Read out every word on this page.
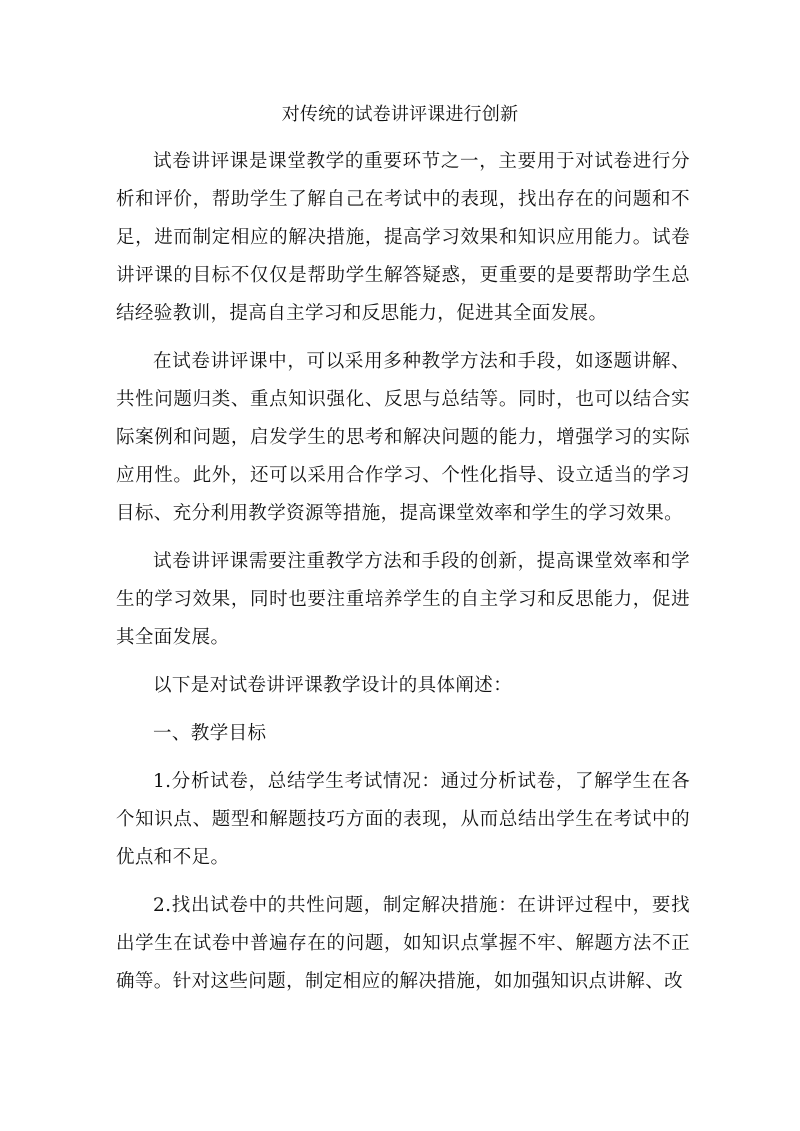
对传统的试卷讲评课进行创新

试卷讲评课是课堂教学的重要环节之一，主要用于对试卷进行分析和评价，帮助学生了解自己在考试中的表现，找出存在的问题和不足，进而制定相应的解决措施，提高学习效果和知识应用能力。试卷讲评课的目标不仅仅是帮助学生解答疑惑，更重要的是要帮助学生总结经验教训，提高自主学习和反思能力，促进其全面发展。

在试卷讲评课中，可以采用多种教学方法和手段，如逐题讲解、共性问题归类、重点知识强化、反思与总结等。同时，也可以结合实际案例和问题，启发学生的思考和解决问题的能力，增强学习的实际应用性。此外，还可以采用合作学习、个性化指导、设立适当的学习目标、充分利用教学资源等措施，提高课堂效率和学生的学习效果。

试卷讲评课需要注重教学方法和手段的创新，提高课堂效率和学生的学习效果，同时也要注重培养学生的自主学习和反思能力，促进其全面发展。

以下是对试卷讲评课教学设计的具体阐述：

一、教学目标

1.分析试卷，总结学生考试情况：通过分析试卷，了解学生在各个知识点、题型和解题技巧方面的表现，从而总结出学生在考试中的优点和不足。

2.找出试卷中的共性问题，制定解决措施：在讲评过程中，要找出学生在试卷中普遍存在的问题，如知识点掌握不牢、解题方法不正确等。针对这些问题，制定相应的解决措施，如加强知识点讲解、改
